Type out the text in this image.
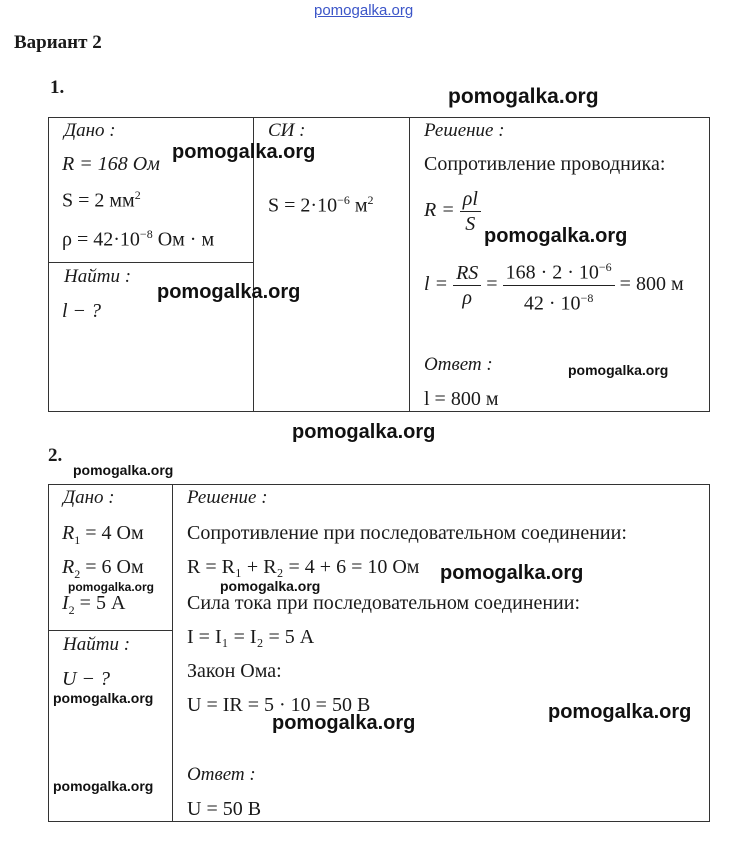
pomogalka.org
Вариант 2
1.	pomogalka.org
Дано :
R = 168 Ом
pomogalka.org
S = 2 $мм^2$
$\rho = 42\cdot 10^{-8}$ Ом · м
Найти :
pomogalka.org
l − ?
СИ :
$S = 2\cdot 10^{-6}$ $м^2$
Решение :
Сопротивление проводника:
$R = \frac{\rho l}{S}$ pomogalka.org
$l = \frac{RS}{\rho} = \frac{168 \cdot 2 \cdot 10^{-6}}{42 \cdot 10^{-8}} = 800$ м
Ответ :	pomogalka.org
l = 800 м
pomogalka.org
2.
pomogalka.org
Дано :
$R_1 = 4$ Ом
$R_2 = 6$ Ом
pomogalka.org
$I_2 = 5$ А
Найти :
U − ?
pomogalka.org
pomogalka.org
Решение :
Сопротивление при последовательном соединении:
R = R₁ + R₂ = 4 + 6 = 10 Ом pomogalka.org
pomogalka.org
Сила тока при последовательном соединении:
I = I₁ = I₂ = 5 А
Закон Ома:
U = IR = 5 · 10 = 50 В
pomogalka.org	pomogalka.org
Ответ :
U = 50 В
